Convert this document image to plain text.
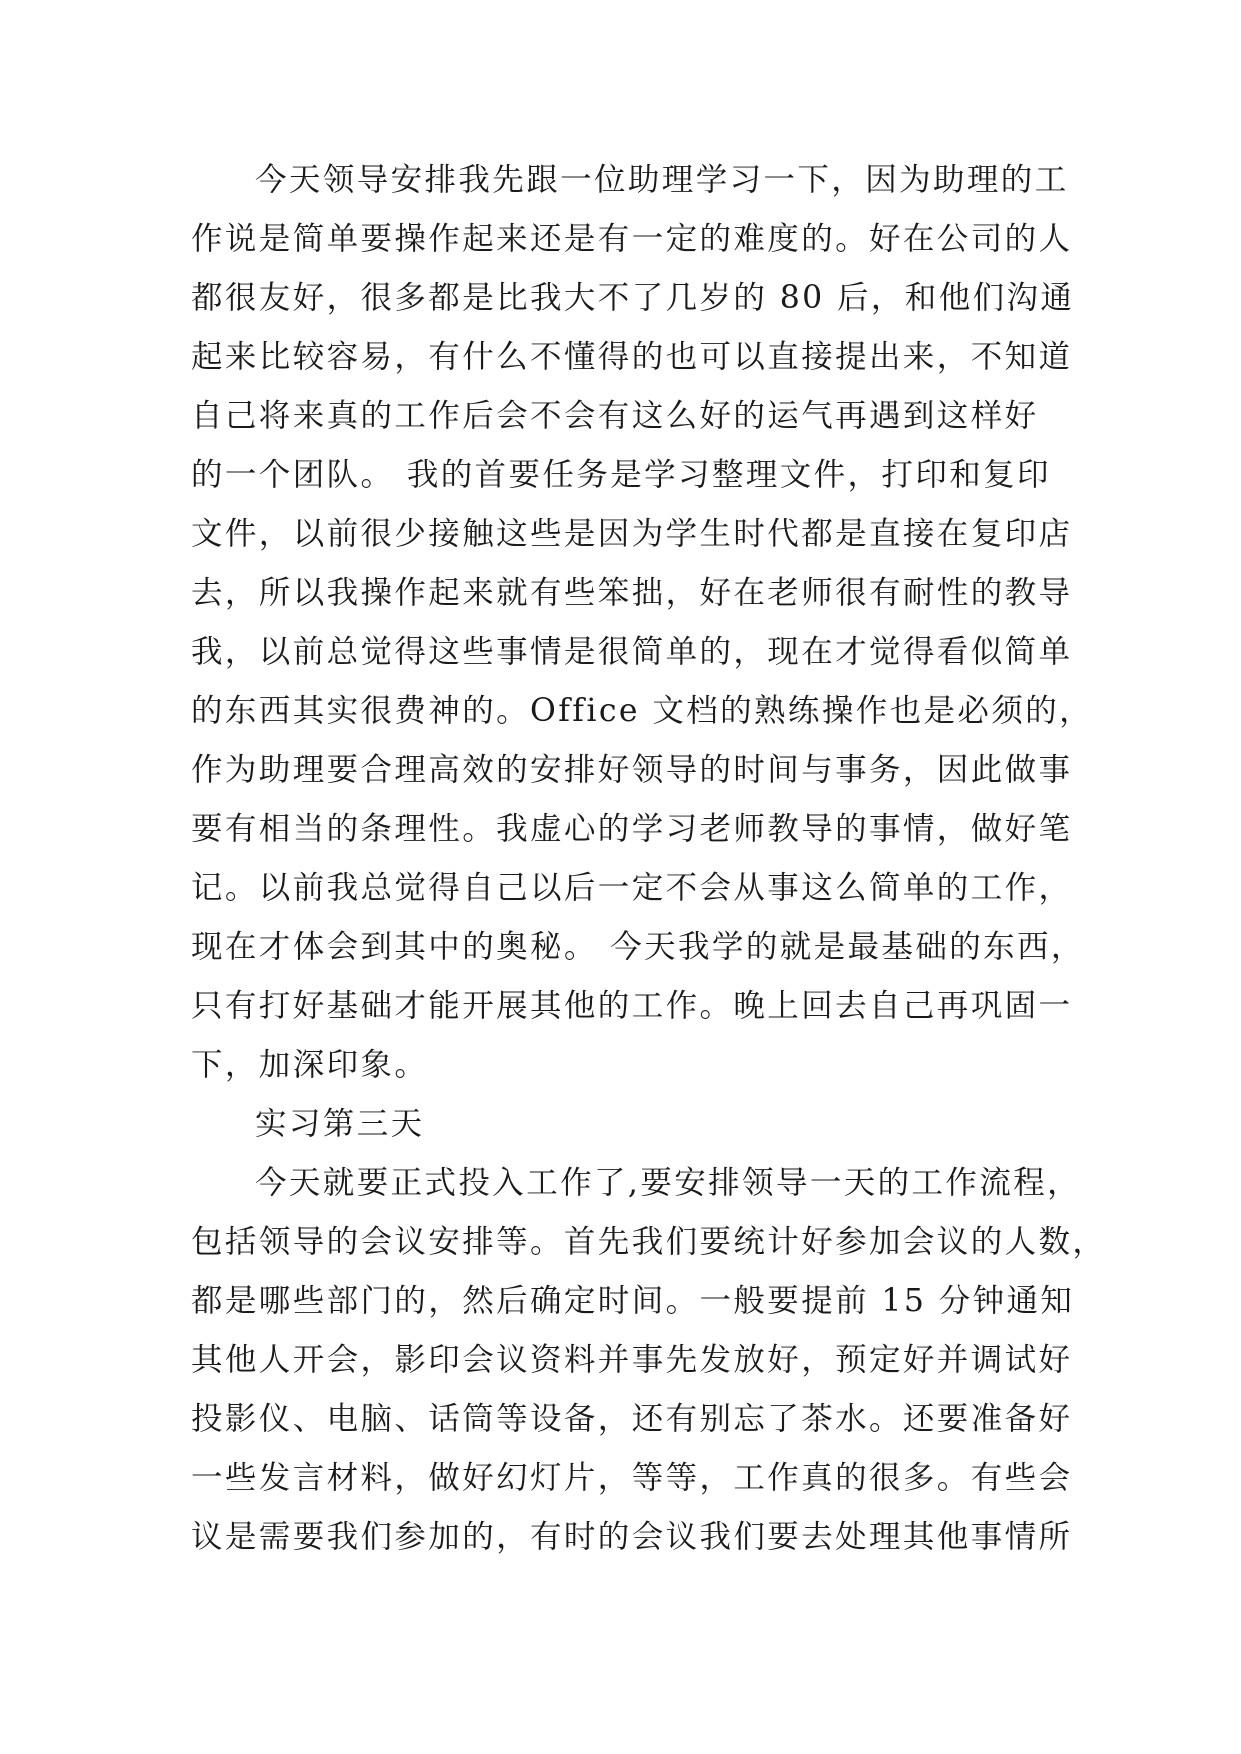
今天领导安排我先跟一位助理学习一下，因为助理的工
作说是简单要操作起来还是有一定的难度的。好在公司的人
都很友好，很多都是比我大不了几岁的 80 后，和他们沟通
起来比较容易，有什么不懂得的也可以直接提出来，不知道
自己将来真的工作后会不会有这么好的运气再遇到这样好
的一个团队。 我的首要任务是学习整理文件，打印和复印
文件，以前很少接触这些是因为学生时代都是直接在复印店
去，所以我操作起来就有些笨拙，好在老师很有耐性的教导
我，以前总觉得这些事情是很简单的，现在才觉得看似简单
的东西其实很费神的。Office 文档的熟练操作也是必须的，
作为助理要合理高效的安排好领导的时间与事务，因此做事
要有相当的条理性。我虚心的学习老师教导的事情，做好笔
记。以前我总觉得自己以后一定不会从事这么简单的工作，
现在才体会到其中的奥秘。 今天我学的就是最基础的东西，
只有打好基础才能开展其他的工作。晚上回去自己再巩固一
下，加深印象。
实习第三天
今天就要正式投入工作了,要安排领导一天的工作流程，
包括领导的会议安排等。首先我们要统计好参加会议的人数，
都是哪些部门的，然后确定时间。一般要提前 15 分钟通知
其他人开会，影印会议资料并事先发放好，预定好并调试好
投影仪、电脑、话筒等设备，还有别忘了茶水。还要准备好
一些发言材料，做好幻灯片，等等，工作真的很多。有些会
议是需要我们参加的，有时的会议我们要去处理其他事情所
